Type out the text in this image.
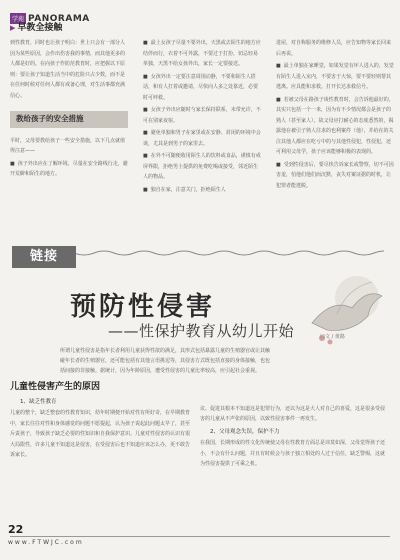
学苑 PANORAMA
▶ 早教全接触

到性教育，同时也让孩子明白：世上只会有一部分人因为某些原因，会作出伤害我的事情，而其他更多的人都是好的。在向孩子作防范教育时，应把握以下原则：要让孩子知道生活当中的危险只占少数，而不是在任何时候对任何人都有戒备心理，对生活事都充满信心。

教给孩子的安全措施

平时，父母要教给孩子一些安全措施，以下几点就值得注意——

■ 孩子外出应在了解环境，尽量在安全路线行走，避开荒僻和陌生的地方。

■ 最上女孩子尽量不要外出，天黑或去陌生的地方应结伴而行，衣着不可外露，不要过于打扮，切忌轻易单独，天黑不给女孩外出，家长一定要接送。

■ 女孩外出一定要注意周围动静，不要和陌生人搭话，和有人打着或邀请，尽快向人多之处靠近，必要时可呼救。

■ 女孩子外出应随时与家长保持联系，未带允许，不可在别家夜宿。

■ 避免单独和男子在家里或在安静、封闭的环境中会谈，尤其是到男子的家里去。

■ 在外不可随便收用陌生人的饮料或食品，谨慎有戒屏界限，拒绝男士提供的免费吃喝或接受，邻近陌生人的物品。

■ 独自在家，注意关门，拒绝陌生人

进屋，对自称服务的维修人员，应告知物等家长回来后再说。

■ 最上单独在家睡觉，如果发觉有坏人进入的，发觉有陌生人进入室内，不要害于大惊，要不要轻则帮其逃离。应具能和求救。打开长达求救信号。

■ 若被父母在路孩子谈性教育时，会告诉他最好的，其实只包括一个一米，因为有不少情况都会是孩子的熟人（甚至家人），故父母应打耐心的态度悉然的，揭露他在被引子熟人往求的也利案件（他），并给在的关注其他人都应在吃亏中的与其他性侵犯，性侵犯，还可利用父母学，孩子应该能够积极的表现的。

■ 受到性侵害后，要尽快告诉家长或警察，切不可因害羞，怕他们他们而沉默，丧失对案证据的时机，让犯罪者能逃脱。

链接
预防性侵害
——性保护教育从幼儿开始	口文 / 黄路
所谓儿童性侵害是指年长者利用儿童获得性欲的满足，其形式包括暴露儿童的生殖器官或让其触碰年长者的生殖器官，还可能包括有其他言语挑逗等，其侵害方式既包括直接的身体接触，也包括间接的非接触。据统计，因为年龄原因，遭受性侵害的儿童比率较高，应引起社会重视。
儿童性侵害产生的原因
1、缺乏性教育

儿童的整个，缺乏整套的性教育知识，幼年时期便开始对性有所好奇，在早期教育中，家长往往对性和身体感觉的问题不愿提起，认为孩子说起此问题太早了，甚至斥责孩子，导致孩子缺乏必要的性知识和自我保护意识。儿童对性侵害的认识有很大局限性，许多儿童不知道这是侵害，在受侵害后也不知道应该怎么办，更不敢告诉家长。

议、促进其根本不知道这是犯罪行为，还以为这是大人对自己的喜爱，这是很多受侵害的儿童从不声张的原因，以致性侵害事件一再发生。

2、父母观念失误，保护不力

在我国，长期形成的性文化传统使父母在性教育方面总是讳莫如深，父母觉得孩子还小，不会有什么问题，并且有时候会与孩子独立相处的人过于信任，缺乏警惕，这就为性侵害提供了可乘之机。

22
www.FTWJC.com
